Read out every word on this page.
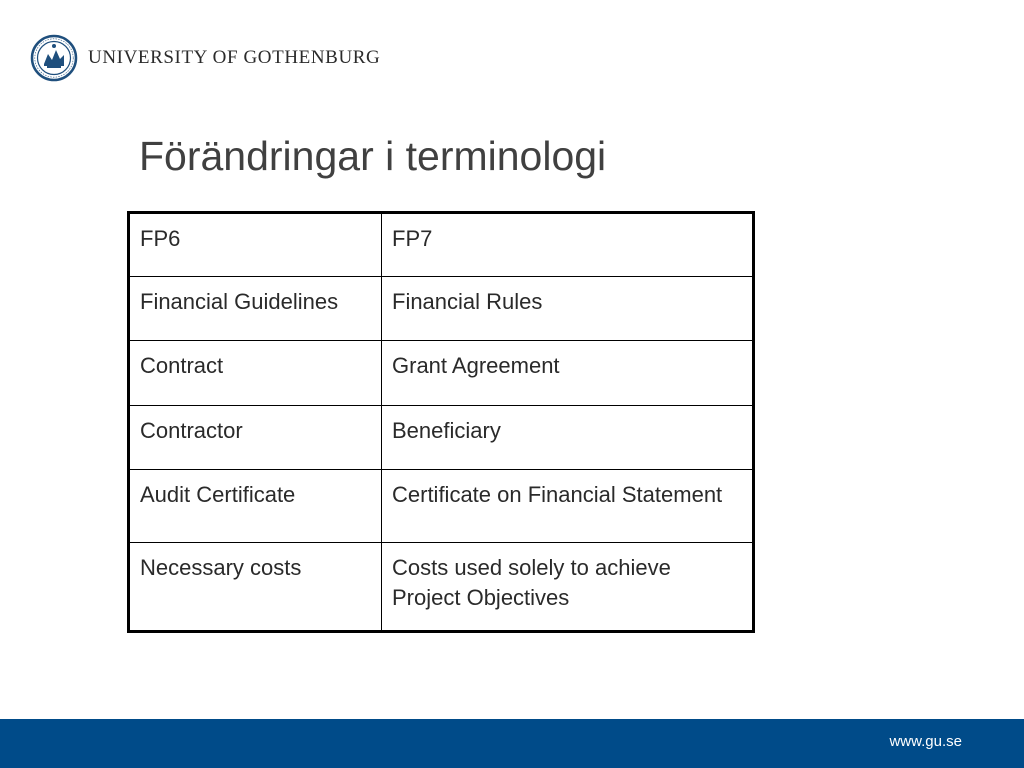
UNIVERSITY OF GOTHENBURG
Förändringar i terminologi
FP6	FP7
Financial Guidelines	Financial Rules
Contract	Grant Agreement
Contractor	Beneficiary
Audit Certificate	Certificate on Financial Statement
Necessary costs	Costs used solely to achieve Project Objectives
www.gu.se
